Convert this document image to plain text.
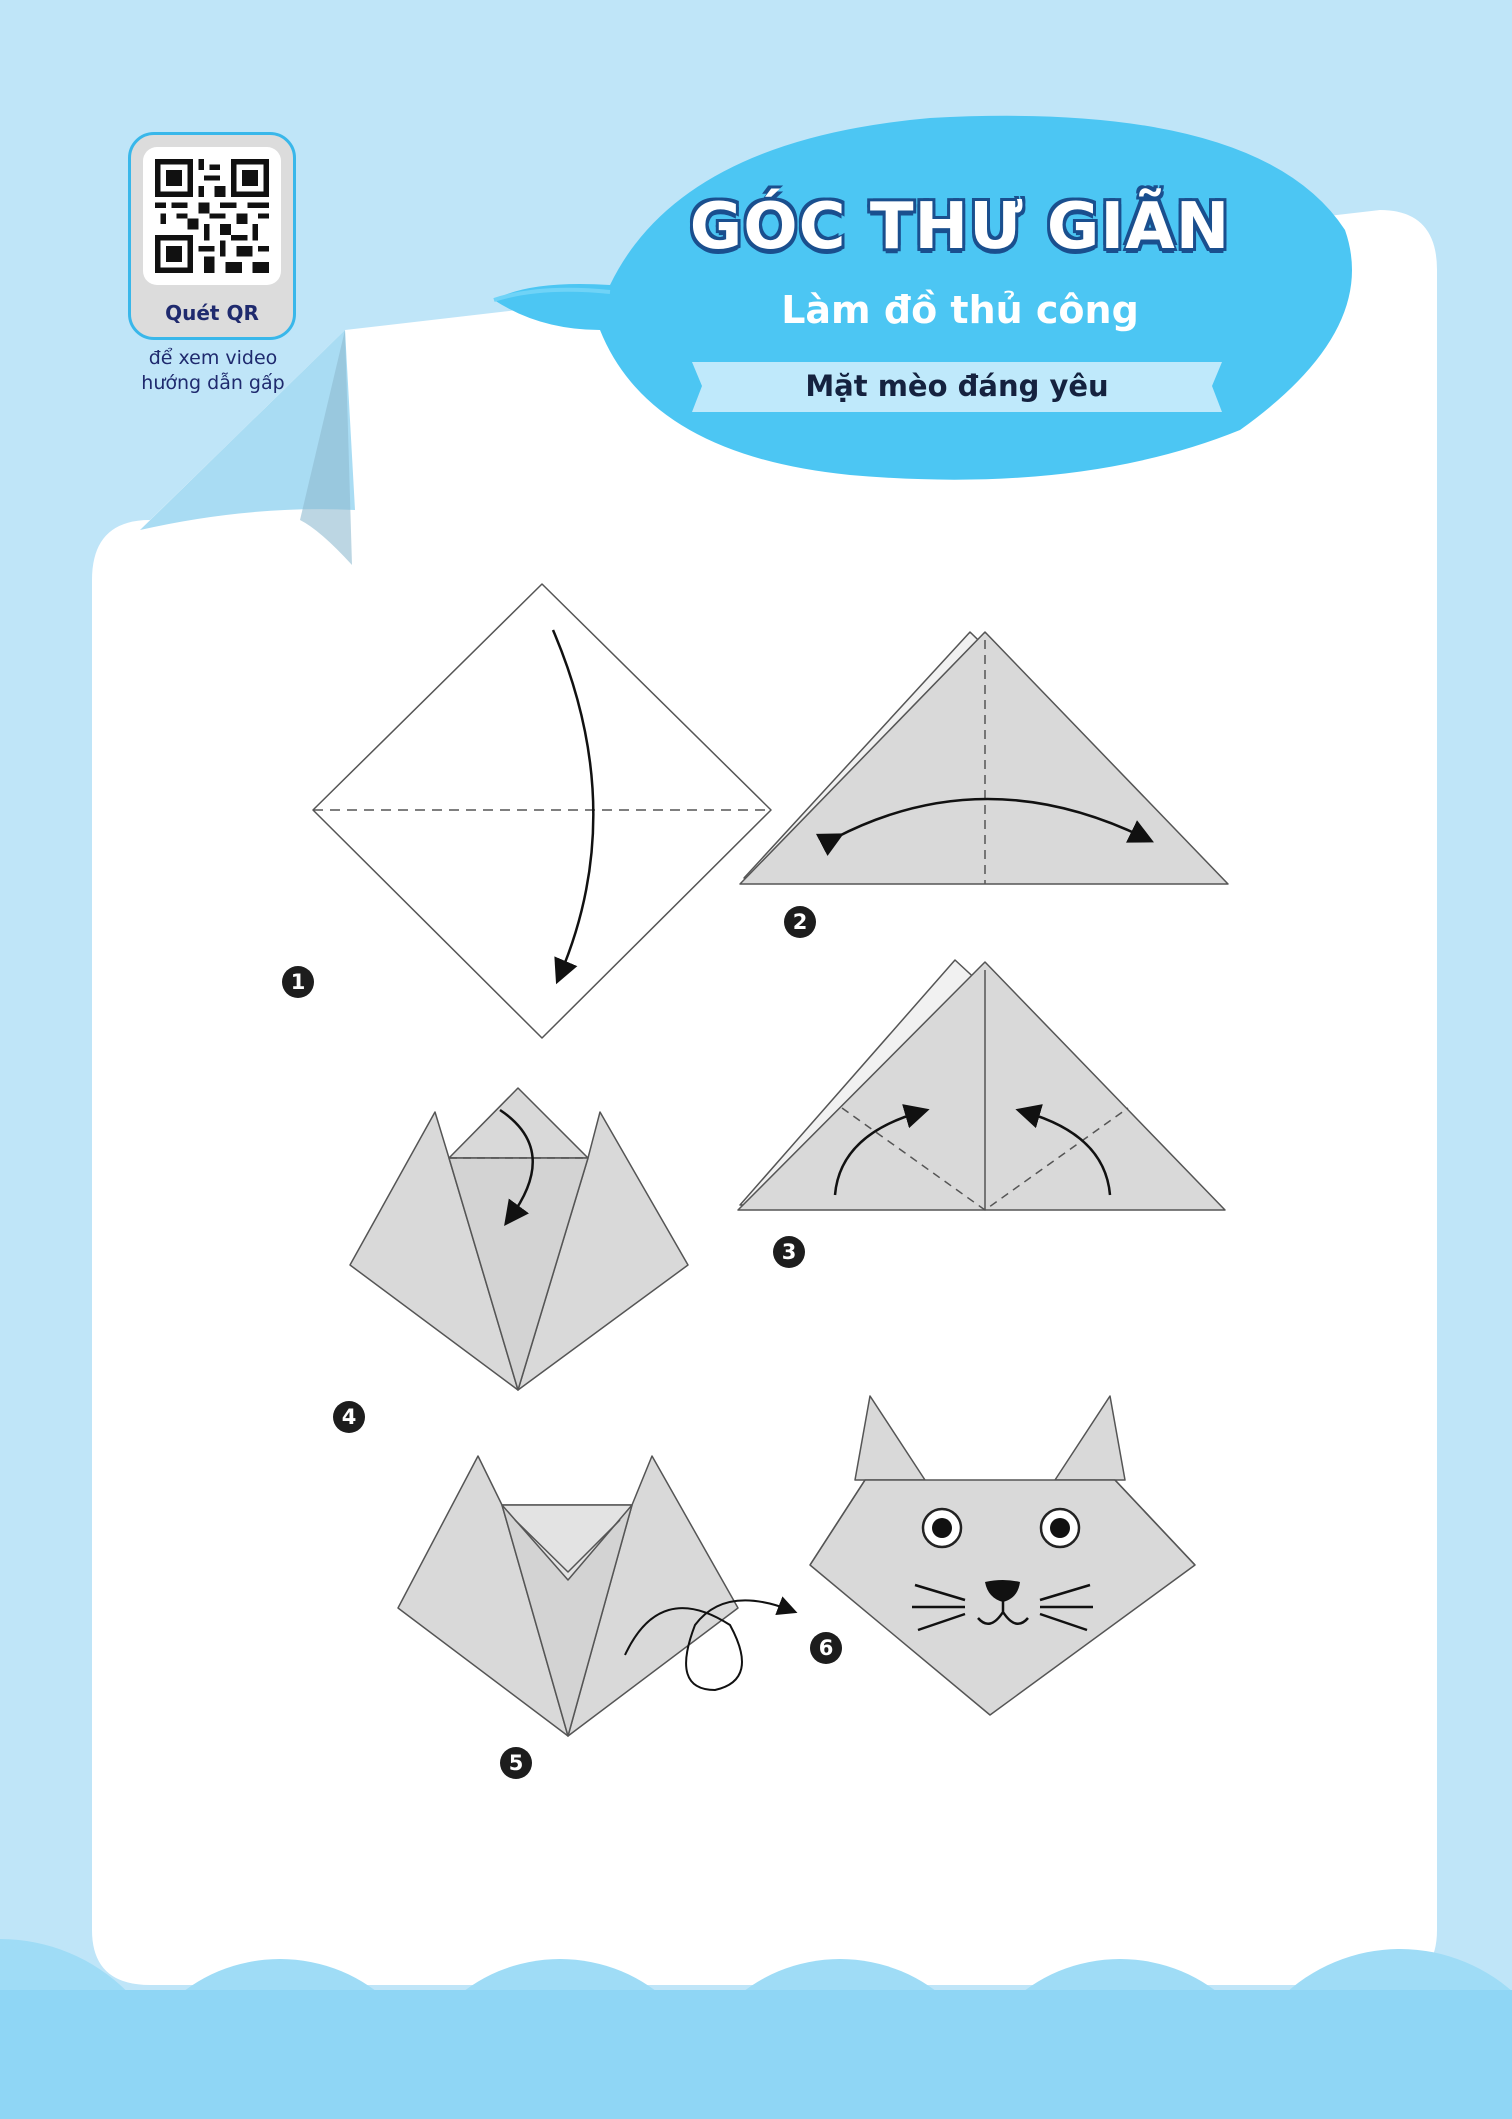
Quét QR
để xem video
hướng dẫn gấp
GÓC THƯ GIÃN
Làm đồ thủ công
Mặt mèo đáng yêu
1
2
3
4
5
6
